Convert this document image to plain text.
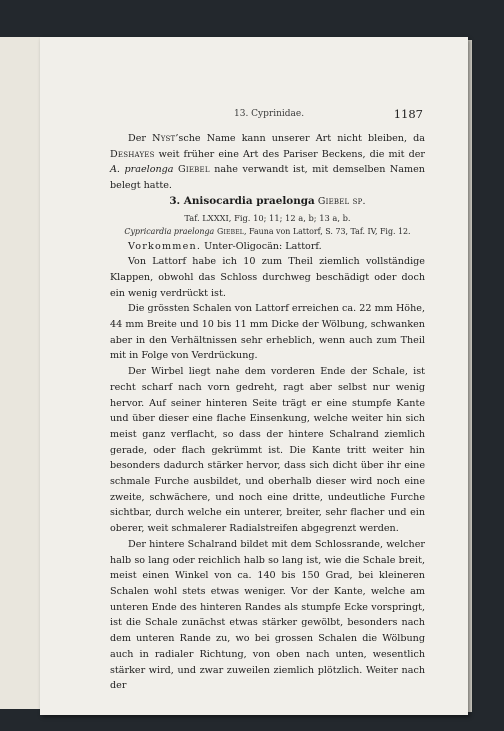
13. Cyprinidae.	1187

Der Nyst’sche Name kann unserer Art nicht bleiben, da Deshayes weit früher eine Art des Pariser Beckens, die mit der A. praelonga Giebel nahe verwandt ist, mit demselben Namen belegt hatte.

3. Anisocardia praelonga Giebel sp.

Taf. LXXXI, Fig. 10; 11; 12 a, b; 13 a, b.

Cypricardia praelonga Giebel, Fauna von Lattorf, S. 73, Taf. IV, Fig. 12.

Vorkommen. Unter-Oligocän: Lattorf.

Von Lattorf habe ich 10 zum Theil ziemlich vollständige Klappen, obwohl das Schloss durchweg beschädigt oder doch ein wenig verdrückt ist.

Die grössten Schalen von Lattorf erreichen ca. 22 mm Höhe, 44 mm Breite und 10 bis 11 mm Dicke der Wölbung, schwanken aber in den Verhältnissen sehr erheblich, wenn auch zum Theil mit in Folge von Verdrückung.

Der Wirbel liegt nahe dem vorderen Ende der Schale, ist recht scharf nach vorn gedreht, ragt aber selbst nur wenig hervor. Auf seiner hinteren Seite trägt er eine stumpfe Kante und über dieser eine flache Einsenkung, welche weiter hin sich meist ganz verflacht, so dass der hintere Schalrand ziemlich gerade, oder flach gekrümmt ist. Die Kante tritt weiter hin besonders dadurch stärker hervor, dass sich dicht über ihr eine schmale Furche ausbildet, und oberhalb dieser wird noch eine zweite, schwächere, und noch eine dritte, undeutliche Furche sichtbar, durch welche ein unterer, breiter, sehr flacher und ein oberer, weit schmalerer Radialstreifen abgegrenzt werden.

Der hintere Schalrand bildet mit dem Schlossrande, welcher halb so lang oder reichlich halb so lang ist, wie die Schale breit, meist einen Winkel von ca. 140 bis 150 Grad, bei kleineren Schalen wohl stets etwas weniger. Vor der Kante, welche am unteren Ende des hinteren Randes als stumpfe Ecke vorspringt, ist die Schale zunächst etwas stärker gewölbt, besonders nach dem unteren Rande zu, wo bei grossen Schalen die Wölbung auch in radialer Richtung, von oben nach unten, wesentlich stärker wird, und zwar zuweilen ziemlich plötzlich. Weiter nach der
